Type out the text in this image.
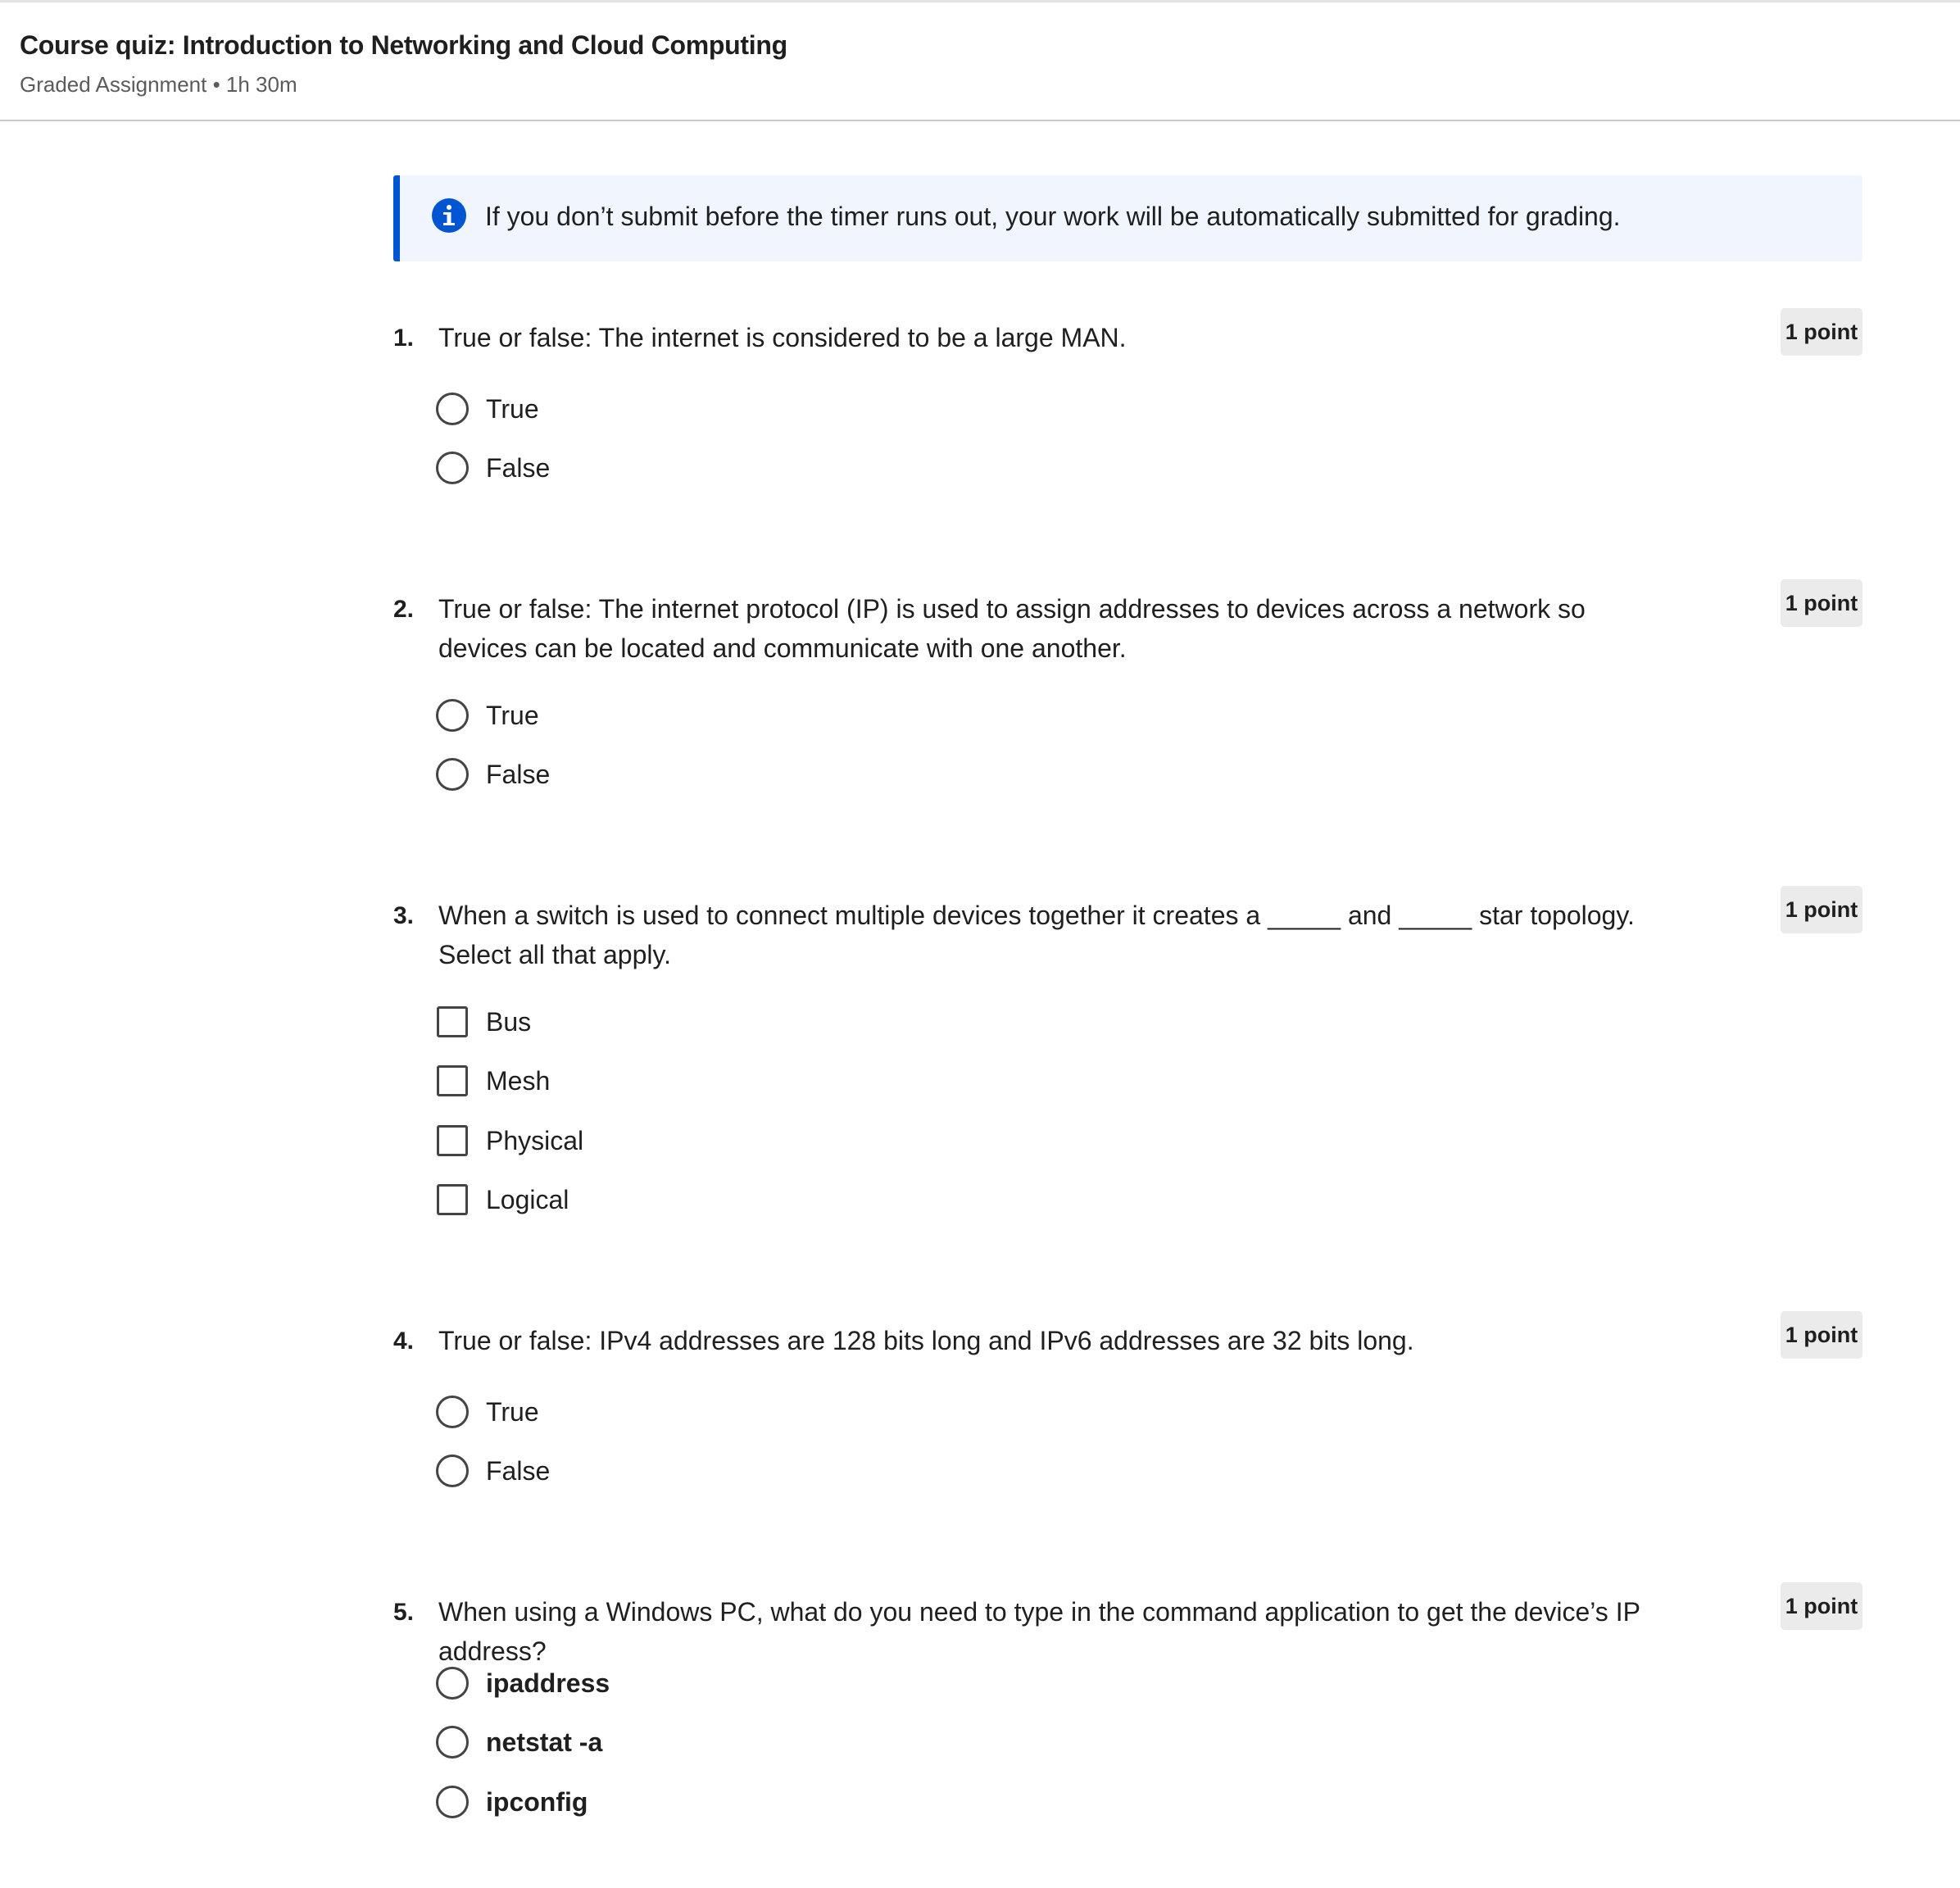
Course quiz: Introduction to Networking and Cloud Computing
Graded Assignment • 1h 30m
If you don’t submit before the timer runs out, your work will be automatically submitted for grading.
1. True or false: The internet is considered to be a large MAN.	1 point
True
False
2. True or false: The internet protocol (IP) is used to assign addresses to devices across a network so devices can be located and communicate with one another.
1 point
True
False
3. When a switch is used to connect multiple devices together it creates a _____ and _____ star topology. Select all that apply.
1 point
Bus
Mesh
Physical
Logical
4. True or false: IPv4 addresses are 128 bits long and IPv6 addresses are 32 bits long.	1 point
True
False
5. When using a Windows PC, what do you need to type in the command application to get the device’s IP address?
1 point
ipaddress
netstat -a
ipconfig
